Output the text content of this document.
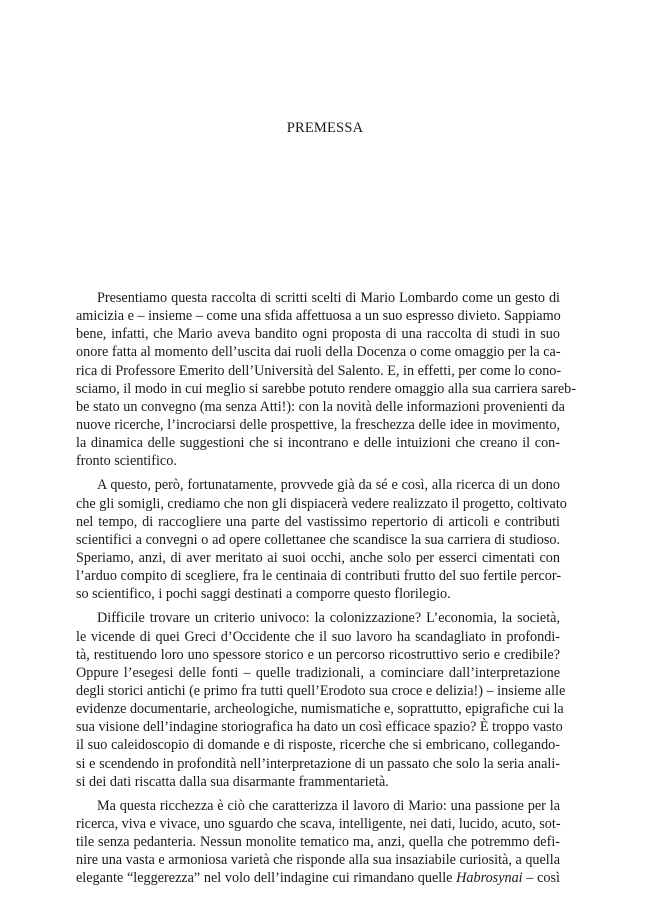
PREMESSA
Presentiamo questa raccolta di scritti scelti di Mario Lombardo come un gesto di
amicizia e – insieme – come una sfida affettuosa a un suo espresso divieto. Sappiamo
bene, infatti, che Mario aveva bandito ogni proposta di una raccolta di studi in suo
onore fatta al momento dell’uscita dai ruoli della Docenza o come omaggio per la ca-
rica di Professore Emerito dell’Università del Salento. E, in effetti, per come lo cono-
sciamo, il modo in cui meglio si sarebbe potuto rendere omaggio alla sua carriera sareb-
be stato un convegno (ma senza Atti!): con la novità delle informazioni provenienti da
nuove ricerche, l’incrociarsi delle prospettive, la freschezza delle idee in movimento,
la dinamica delle suggestioni che si incontrano e delle intuizioni che creano il con-
fronto scientifico.
A questo, però, fortunatamente, provvede già da sé e così, alla ricerca di un dono
che gli somigli, crediamo che non gli dispiacerà vedere realizzato il progetto, coltivato
nel tempo, di raccogliere una parte del vastissimo repertorio di articoli e contributi
scientifici a convegni o ad opere collettanee che scandisce la sua carriera di studioso.
Speriamo, anzi, di aver meritato ai suoi occhi, anche solo per esserci cimentati con
l’arduo compito di scegliere, fra le centinaia di contributi frutto del suo fertile percor-
so scientifico, i pochi saggi destinati a comporre questo florilegio.
Difficile trovare un criterio univoco: la colonizzazione? L’economia, la società,
le vicende di quei Greci d’Occidente che il suo lavoro ha scandagliato in profondi-
tà, restituendo loro uno spessore storico e un percorso ricostruttivo serio e credibile?
Oppure l’esegesi delle fonti – quelle tradizionali, a cominciare dall’interpretazione
degli storici antichi (e primo fra tutti quell’Erodoto sua croce e delizia!) – insieme alle
evidenze documentarie, archeologiche, numismatiche e, soprattutto, epigrafiche cui la
sua visione dell’indagine storiografica ha dato un così efficace spazio? È troppo vasto
il suo caleidoscopio di domande e di risposte, ricerche che si embricano, collegando-
si e scendendo in profondità nell’interpretazione di un passato che solo la seria anali-
si dei dati riscatta dalla sua disarmante frammentarietà.
Ma questa ricchezza è ciò che caratterizza il lavoro di Mario: una passione per la
ricerca, viva e vivace, uno sguardo che scava, intelligente, nei dati, lucido, acuto, sot-
tile senza pedanteria. Nessun monolite tematico ma, anzi, quella che potremmo defi-
nire una vasta e armoniosa varietà che risponde alla sua insaziabile curiosità, a quella
elegante “leggerezza” nel volo dell’indagine cui rimandano quelle Habrosynai – così
